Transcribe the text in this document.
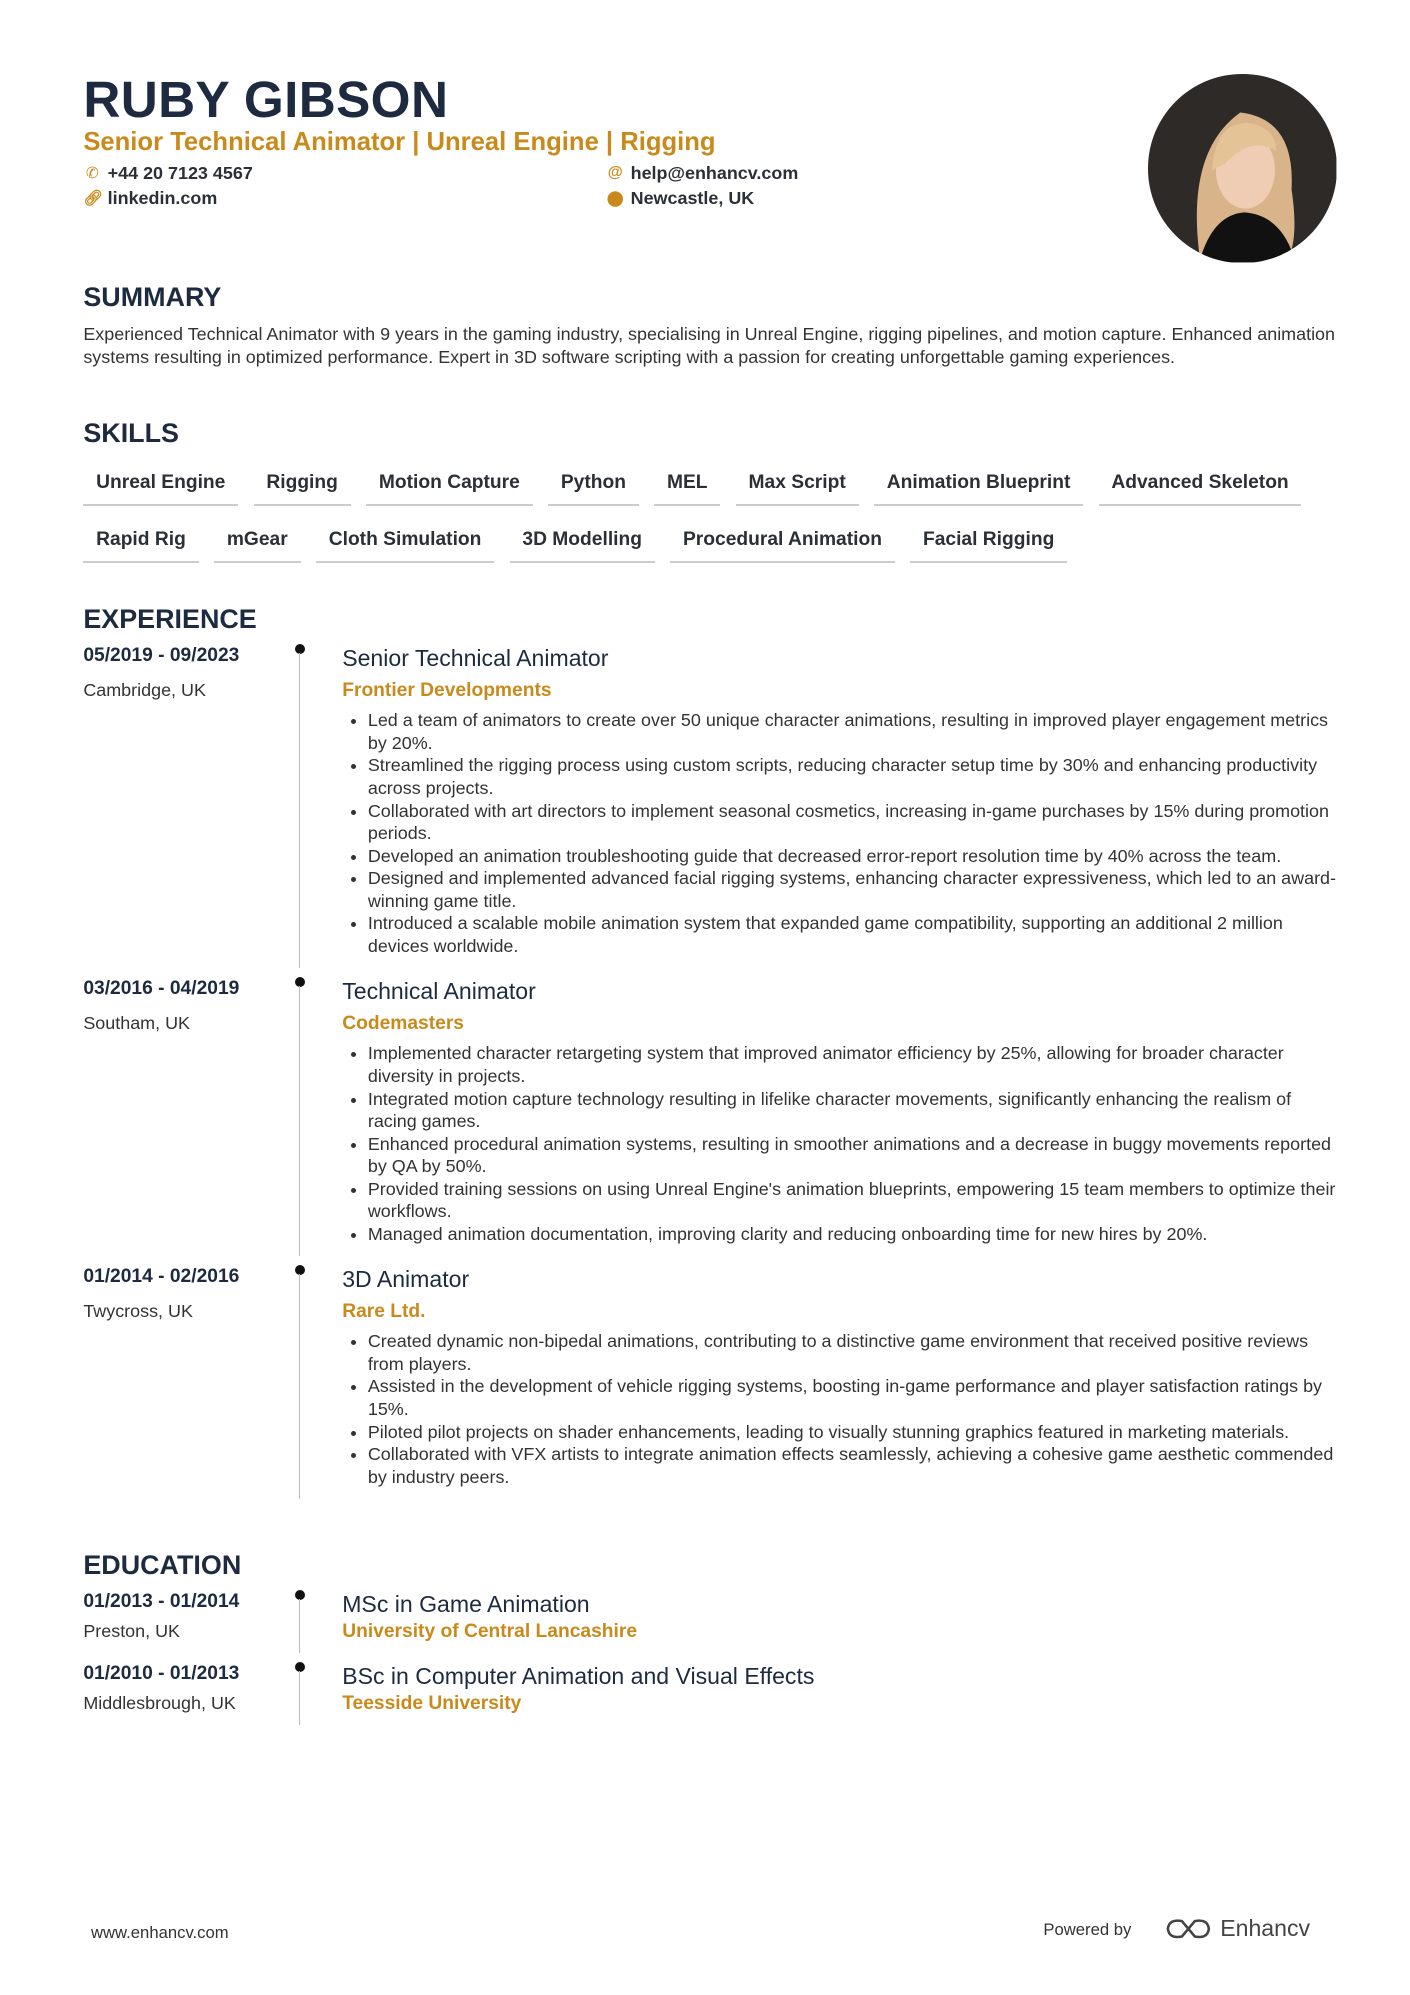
RUBY GIBSON
Senior Technical Animator | Unreal Engine | Rigging
✆ +44 20 7123 4567
🔗︎ linkedin.com
@ help@enhancv.com
⬤ Newcastle, UK
SUMMARY

Experienced Technical Animator with 9 years in the gaming industry, specialising in Unreal Engine, rigging pipelines, and motion capture. Enhanced animation systems resulting in optimized performance. Expert in 3D software scripting with a passion for creating unforgettable gaming experiences.

SKILLS
Unreal Engine	Rigging	Motion Capture	Python	MEL	Max Script	Animation Blueprint	Advanced Skeleton
Rapid Rig	mGear	Cloth Simulation	3D Modelling	Procedural Animation	Facial Rigging
EXPERIENCE
05/2019 - 09/2023
Cambridge, UK
Senior Technical Animator
Frontier Developments
• Led a team of animators to create over 50 unique character animations, resulting in improved player engagement metrics by 20%.
• Streamlined the rigging process using custom scripts, reducing character setup time by 30% and enhancing productivity across projects.
• Collaborated with art directors to implement seasonal cosmetics, increasing in-game purchases by 15% during promotion periods.
• Developed an animation troubleshooting guide that decreased error-report resolution time by 40% across the team.
• Designed and implemented advanced facial rigging systems, enhancing character expressiveness, which led to an award-winning game title.
• Introduced a scalable mobile animation system that expanded game compatibility, supporting an additional 2 million devices worldwide.
03/2016 - 04/2019
Southam, UK
Technical Animator
Codemasters
• Implemented character retargeting system that improved animator efficiency by 25%, allowing for broader character diversity in projects.
• Integrated motion capture technology resulting in lifelike character movements, significantly enhancing the realism of racing games.
• Enhanced procedural animation systems, resulting in smoother animations and a decrease in buggy movements reported by QA by 50%.
• Provided training sessions on using Unreal Engine's animation blueprints, empowering 15 team members to optimize their workflows.
• Managed animation documentation, improving clarity and reducing onboarding time for new hires by 20%.
01/2014 - 02/2016
Twycross, UK
3D Animator
Rare Ltd.
• Created dynamic non-bipedal animations, contributing to a distinctive game environment that received positive reviews from players.
• Assisted in the development of vehicle rigging systems, boosting in-game performance and player satisfaction ratings by 15%.
• Piloted pilot projects on shader enhancements, leading to visually stunning graphics featured in marketing materials.
• Collaborated with VFX artists to integrate animation effects seamlessly, achieving a cohesive game aesthetic commended by industry peers.
EDUCATION
01/2013 - 01/2014
Preston, UK
MSc in Game Animation
University of Central Lancashire
01/2010 - 01/2013
Middlesbrough, UK
BSc in Computer Animation and Visual Effects
Teesside University
www.enhancv.com	Powered by	Enhancv
